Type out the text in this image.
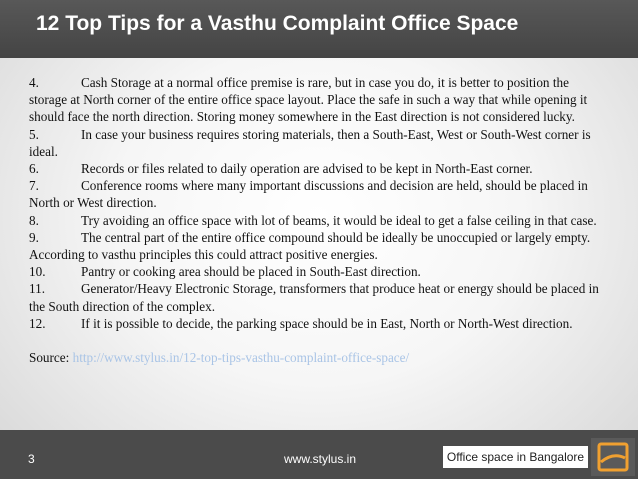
12 Top Tips for a Vasthu Complaint Office Space

4.	Cash Storage at a normal office premise is rare, but in case you do, it is better to position the storage at North corner of the entire office space layout. Place the safe in such a way that while opening it should face the north direction. Storing money somewhere in the East direction is not considered lucky.

5.	In case your business requires storing materials, then a South-East, West or South-West corner is ideal.

6.	Records or files related to daily operation are advised to be kept in North-East corner.

7.	Conference rooms where many important discussions and decision are held, should be placed in North or West direction.

8.	Try avoiding an office space with lot of beams, it would be ideal to get a false ceiling in that case.

9.	The central part of the entire office compound should be ideally be unoccupied or largely empty. According to vasthu principles this could attract positive energies.

10.	Pantry or cooking area should be placed in South-East direction.

11.	Generator/Heavy Electronic Storage, transformers that produce heat or energy should be placed in the South direction of the complex.

12.	If it is possible to decide, the parking space should be in East, North or North-West direction.

Source: http://www.stylus.in/12-top-tips-vasthu-complaint-office-space/

3	www.stylus.in	Office space in Bangalore
